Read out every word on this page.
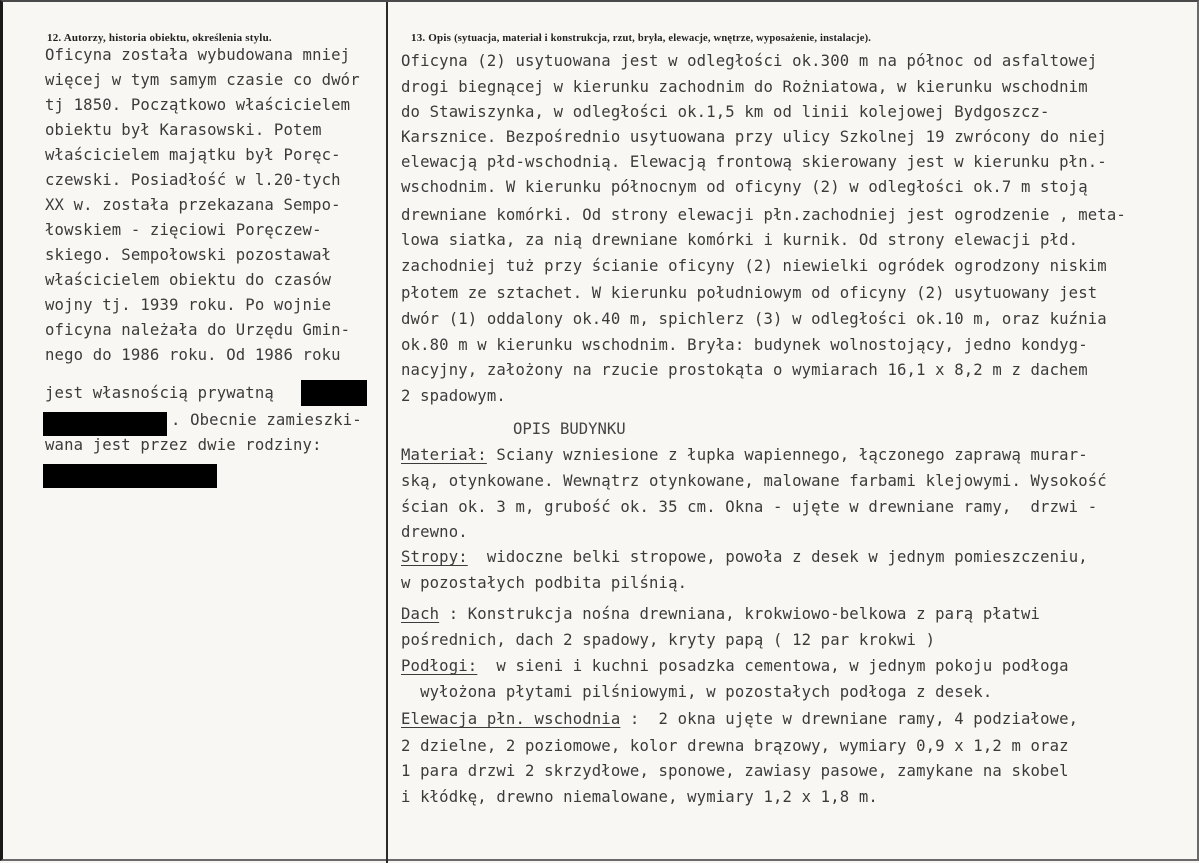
12. Autorzy, historia obiektu, określenia stylu.
Oficyna została wybudowana mniej
więcej w tym samym czasie co dwór
tj 1850. Początkowo właścicielem
obiektu był Karasowski. Potem
właścicielem majątku był Poręc-
czewski. Posiadłość w l.20-tych
XX w. została przekazana Sempo-
łowskiem - zięciowi Poręczew-
skiego. Sempołowski pozostawał
właścicielem obiektu do czasów
wojny tj. 1939 roku. Po wojnie
oficyna należała do Urzędu Gmin-
nego do 1986 roku. Od 1986 roku
jest własnością prywatną
. Obecnie zamieszki-
wana jest przez dwie rodziny:
13. Opis (sytuacja, materiał i konstrukcja, rzut, bryła, elewacje, wnętrze, wyposażenie, instalacje).
Oficyna (2) usytuowana jest w odległości ok.300 m na północ od asfaltowej
drogi biegnącej w kierunku zachodnim do Rożniatowa, w kierunku wschodnim
do Stawiszynka, w odległości ok.1,5 km od linii kolejowej Bydgoszcz-
Karsznice. Bezpośrednio usytuowana przy ulicy Szkolnej 19 zwrócony do niej
elewacją płd-wschodnią. Elewacją frontową skierowany jest w kierunku płn.-
wschodnim. W kierunku północnym od oficyny (2) w odległości ok.7 m stoją
drewniane komórki. Od strony elewacji płn.zachodniej jest ogrodzenie , meta-
lowa siatka, za nią drewniane komórki i kurnik. Od strony elewacji płd.
zachodniej tuż przy ścianie oficyny (2) niewielki ogródek ogrodzony niskim
płotem ze sztachet. W kierunku południowym od oficyny (2) usytuowany jest
dwór (1) oddalony ok.40 m, spichlerz (3) w odległości ok.10 m, oraz kuźnia
ok.80 m w kierunku wschodnim. Bryła: budynek wolnostojący, jedno kondyg-
nacyjny, założony na rzucie prostokąta o wymiarach 16,1 x 8,2 m z dachem
2 spadowym.
OPIS BUDYNKU
Materiał: Sciany wzniesione z łupka wapiennego, łączonego zaprawą murar-
ską, otynkowane. Wewnątrz otynkowane, malowane farbami klejowymi. Wysokość
ścian ok. 3 m, grubość ok. 35 cm. Okna - ujęte w drewniane ramy,  drzwi -
drewno.
Stropy:  widoczne belki stropowe, powoła z desek w jednym pomieszczeniu,
w pozostałych podbita pilśnią.
Dach : Konstrukcja nośna drewniana, krokwiowo-belkowa z parą płatwi
pośrednich, dach 2 spadowy, kryty papą ( 12 par krokwi )
Podłogi:  w sieni i kuchni posadzka cementowa, w jednym pokoju podłoga
wyłożona płytami pilśniowymi, w pozostałych podłoga z desek.
Elewacja płn. wschodnia :  2 okna ujęte w drewniane ramy, 4 podziałowe,
2 dzielne, 2 poziomowe, kolor drewna brązowy, wymiary 0,9 x 1,2 m oraz
1 para drzwi 2 skrzydłowe, sponowe, zawiasy pasowe, zamykane na skobel
i kłódkę, drewno niemalowane, wymiary 1,2 x 1,8 m.
